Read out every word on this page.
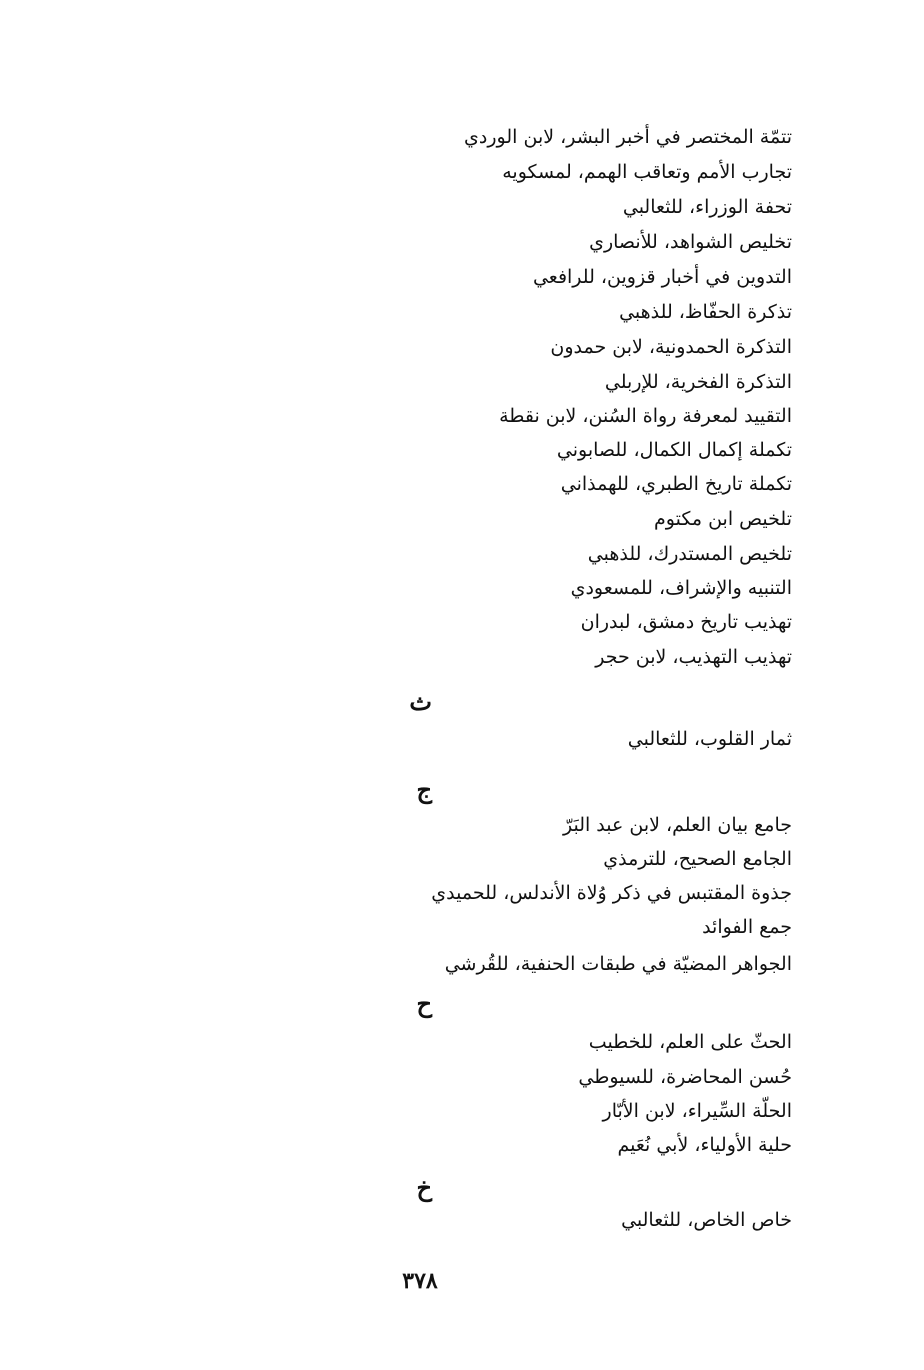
تتمّة المختصر في أخبر البشر، لابن الوردي
تجارب الأمم وتعاقب الهمم، لمسكويه
تحفة الوزراء، للثعالبي
تخليص الشواهد، للأنصاري
التدوين في أخبار قزوين، للرافعي
تذكرة الحفّاظ، للذهبي
التذكرة الحمدونية، لابن حمدون
التذكرة الفخرية، للإربلي
التقييد لمعرفة رواة السُنن، لابن نقطة
تكملة إكمال الكمال، للصابوني
تكملة تاريخ الطبري، للهمذاني
تلخيص ابن مكتوم
تلخيص المستدرك، للذهبي
التنبيه والإشراف، للمسعودي
تهذيب تاريخ دمشق، لبدران
تهذيب التهذيب، لابن حجر
ث
ثمار القلوب، للثعالبي
ج
جامع بيان العلم، لابن عبد البَرّ
الجامع الصحيح، للترمذي
جذوة المقتبس في ذكر وُلاة الأندلس، للحميدي
جمع الفوائد
الجواهر المضيّة في طبقات الحنفية، للقُرشي
ح
الحثّ على العلم، للخطيب
حُسن المحاضرة، للسيوطي
الحلّة السِّيراء، لابن الأبّار
حلية الأولياء، لأبي نُعَيم
خ
خاص الخاص، للثعالبي
٣٧٨
